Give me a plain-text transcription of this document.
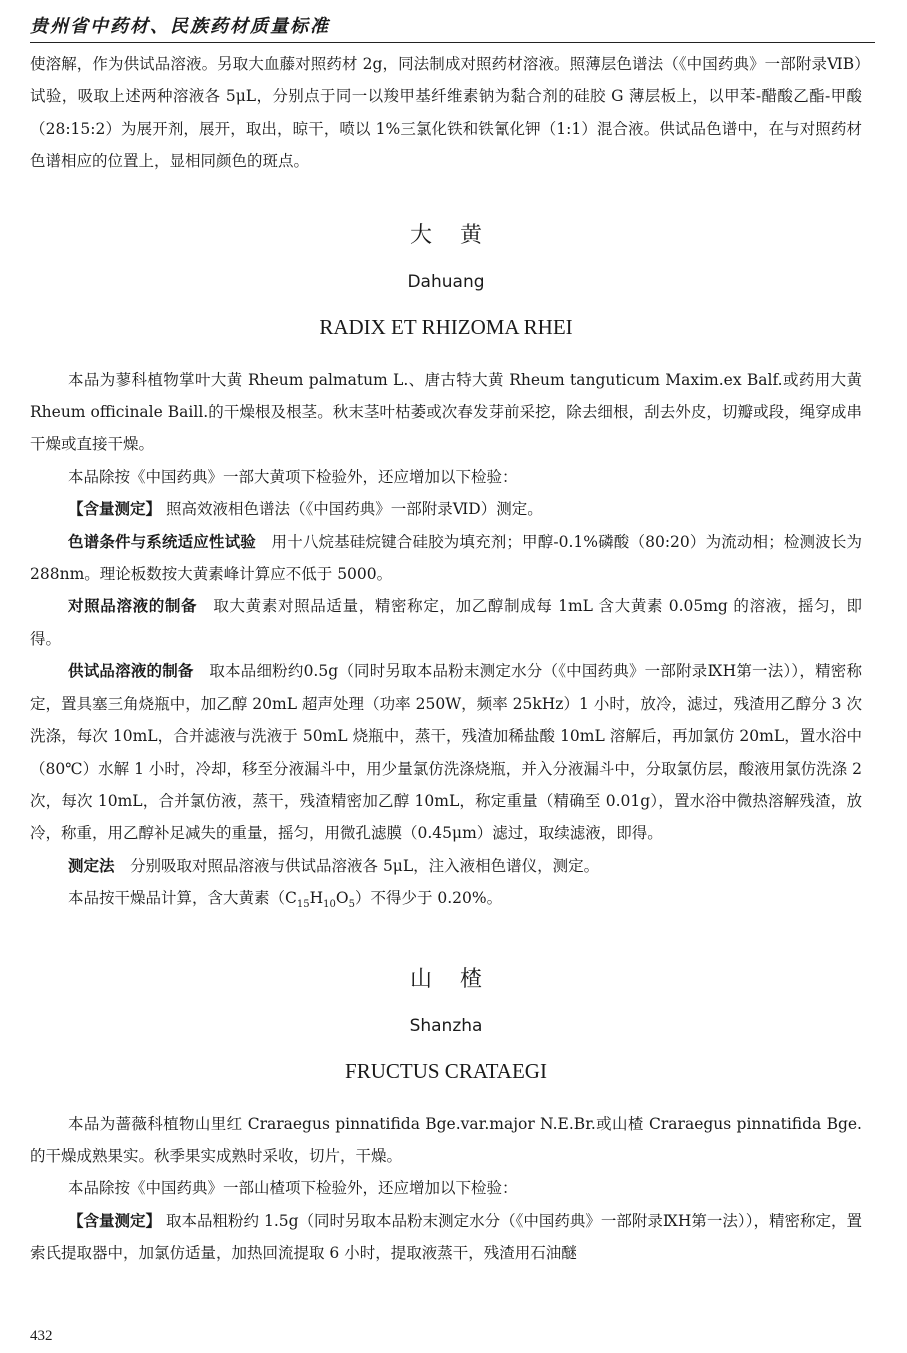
贵州省中药材、民族药材质量标准

使溶解，作为供试品溶液。另取大血藤对照药材 2g，同法制成对照药材溶液。照薄层色谱法（《中国药典》一部附录ⅥB）试验，吸取上述两种溶液各 5μL，分别点于同一以羧甲基纤维素钠为黏合剂的硅胶 G 薄层板上，以甲苯-醋酸乙酯-甲酸（28:15:2）为展开剂，展开，取出，晾干，喷以 1%三氯化铁和铁氰化钾（1:1）混合液。供试品色谱中，在与对照药材色谱相应的位置上，显相同颜色的斑点。

大黄
Dahuang
RADIX ET RHIZOMA RHEI

本品为蓼科植物掌叶大黄 Rheum palmatum L.、唐古特大黄 Rheum tanguticum Maxim.ex Balf.或药用大黄 Rheum officinale Baill.的干燥根及根茎。秋末茎叶枯萎或次春发芽前采挖，除去细根，刮去外皮，切瓣或段，绳穿成串干燥或直接干燥。

本品除按《中国药典》一部大黄项下检验外，还应增加以下检验：

【含量测定】 照高效液相色谱法（《中国药典》一部附录ⅥD）测定。

色谱条件与系统适应性试验　用十八烷基硅烷键合硅胶为填充剂；甲醇-0.1%磷酸（80:20）为流动相；检测波长为 288nm。理论板数按大黄素峰计算应不低于 5000。

对照品溶液的制备　取大黄素对照品适量，精密称定，加乙醇制成每 1mL 含大黄素 0.05mg 的溶液，摇匀，即得。

供试品溶液的制备　取本品细粉约0.5g（同时另取本品粉末测定水分（《中国药典》一部附录ⅨH第一法）），精密称定，置具塞三角烧瓶中，加乙醇 20mL 超声处理（功率 250W，频率 25kHz）1 小时，放冷，滤过，残渣用乙醇分 3 次洗涤，每次 10mL，合并滤液与洗液于 50mL 烧瓶中，蒸干，残渣加稀盐酸 10mL 溶解后，再加氯仿 20mL，置水浴中（80℃）水解 1 小时，冷却，移至分液漏斗中，用少量氯仿洗涤烧瓶，并入分液漏斗中，分取氯仿层，酸液用氯仿洗涤 2 次，每次 10mL，合并氯仿液，蒸干，残渣精密加乙醇 10mL，称定重量（精确至 0.01g），置水浴中微热溶解残渣，放冷，称重，用乙醇补足减失的重量，摇匀，用微孔滤膜（0.45μm）滤过，取续滤液，即得。

测定法　分别吸取对照品溶液与供试品溶液各 5μL，注入液相色谱仪，测定。

本品按干燥品计算，含大黄素$(C_{15}H_{10}O_5)$不得少于 0.20%。

山楂
Shanzha
FRUCTUS CRATAEGI

本品为蔷薇科植物山里红 Craraegus pinnatifida Bge.var.major N.E.Br.或山楂 Craraegus pinnatifida Bge.的干燥成熟果实。秋季果实成熟时采收，切片，干燥。

本品除按《中国药典》一部山楂项下检验外，还应增加以下检验：

【含量测定】 取本品粗粉约 1.5g（同时另取本品粉末测定水分（《中国药典》一部附录ⅨH第一法）），精密称定，置索氏提取器中，加氯仿适量，加热回流提取 6 小时，提取液蒸干，残渣用石油醚

432
